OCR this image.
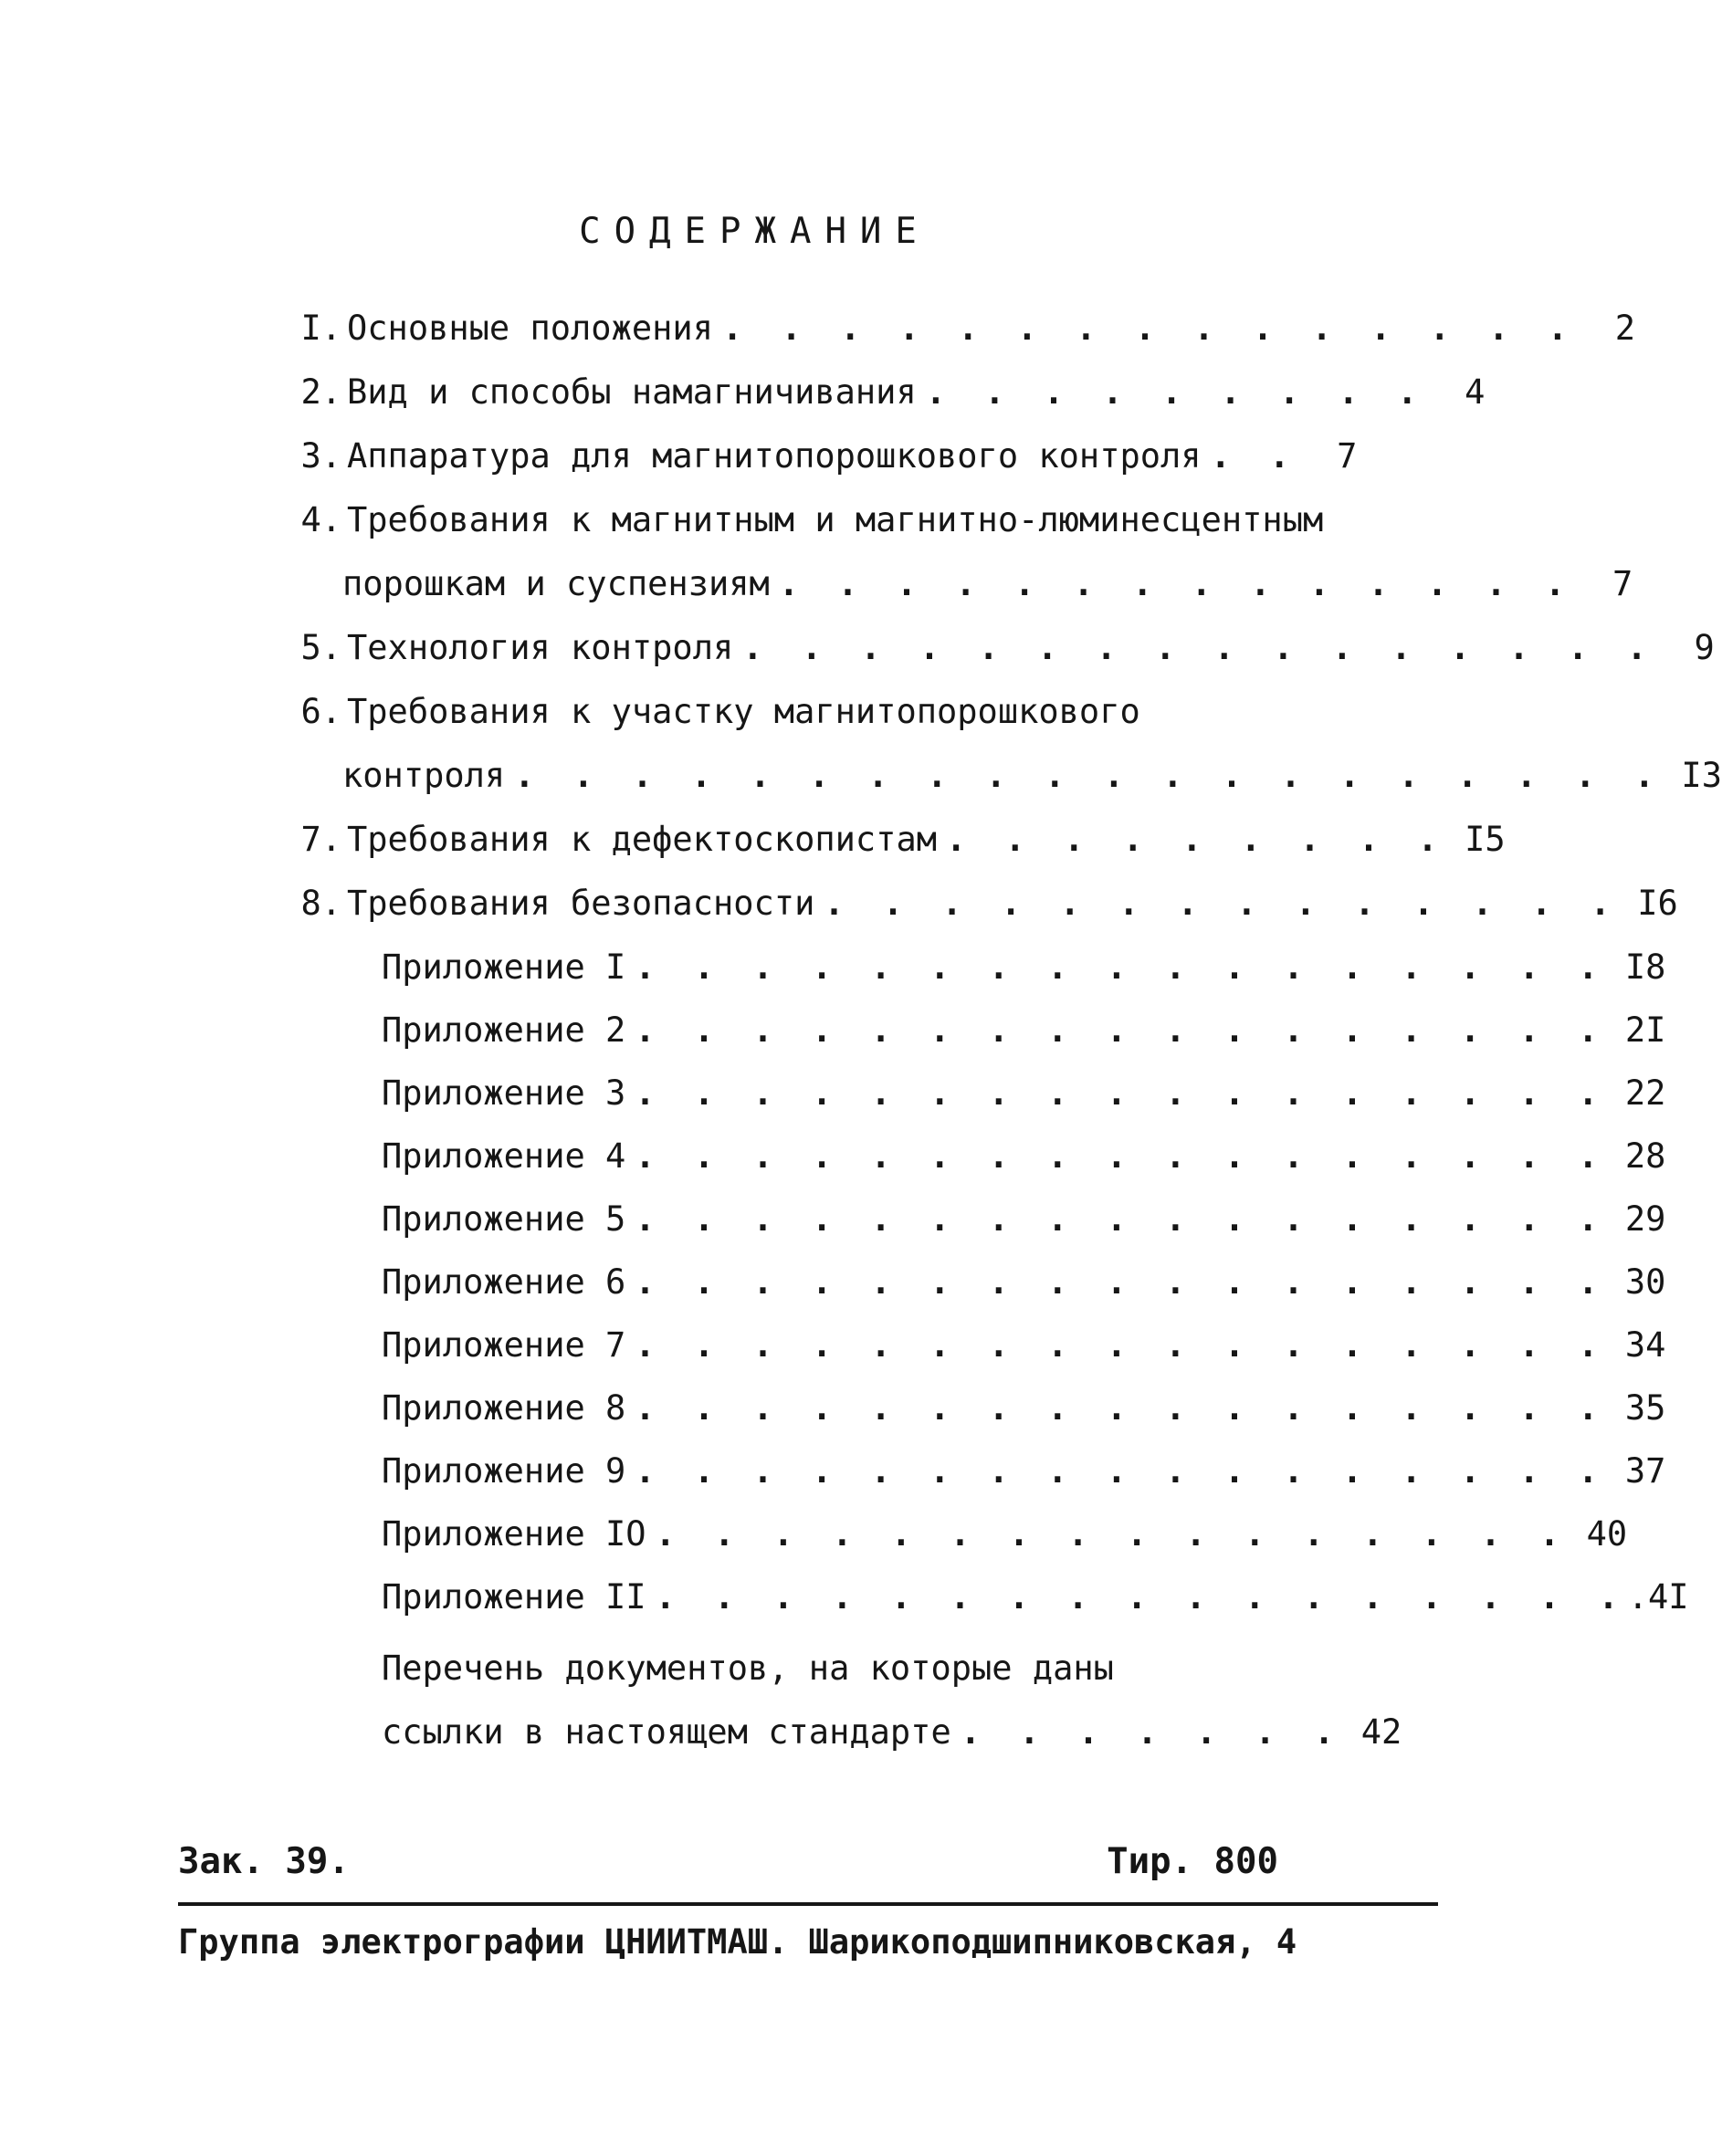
СОДЕРЖАНИЕ
I. Основные положения . . . . . . . . . . . . . . .	2
2. Вид и способы намагничивания . . . . . . . . .	4
3. Аппаратура для магнитопорошкового контроля . .	7
4. Требования к магнитным и магнитно-люминесцентным
порошкам и суспензиям . . . . . . . . . . . . . .	7
5. Технология контроля . . . . . . . . . . . . . . . .	9
6. Требования к участку магнитопорошкового
контроля . . . . . . . . . . . . . . . . . . . . I3
7. Требования к дефектоскопистам . . . . . . . . . I5
8. Требования безопасности . . . . . . . . . . . . . . I6
Приложение I . . . . . . . . . . . . . . . . . I8
Приложение 2 . . . . . . . . . . . . . . . . . 2I
Приложение 3 . . . . . . . . . . . . . . . . . 22
Приложение 4 . . . . . . . . . . . . . . . . . 28
Приложение 5 . . . . . . . . . . . . . . . . . 29
Приложение 6 . . . . . . . . . . . . . . . . . 30
Приложение 7 . . . . . . . . . . . . . . . . . 34
Приложение 8 . . . . . . . . . . . . . . . . . 35
Приложение 9 . . . . . . . . . . . . . . . . . 37
Приложение IO . . . . . . . . . . . . . . . . 40
Приложение II . . . . . . . . . . . . . . . . . .4I
Перечень документов, на которые даны
ссылки в настоящем стандарте . . . . . . . 42
Зак. 39.	Тир. 800
Группа электрографии ЦНИИТМАШ. Шарикоподшипниковская, 4
